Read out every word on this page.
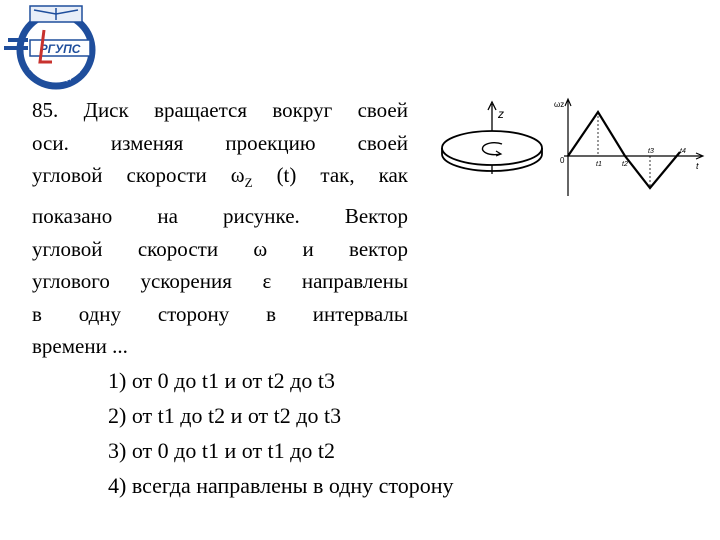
РГУПС
РОСТОВ-НА-ДОНУ
85. Диск вращается вокруг своей
оси. изменяя проекцию своей
угловой скорости $\omega_Z$ (t) так, как
показано на рисунке. Вектор
угловой скорости ω и вектор
углового ускорения ε направлены
в одну сторону в интервалы
времени ...
z
ωz
t
0	t1	t2
t3	t4
1) от 0 до t1 и от t2 до t3
2) от t1 до t2 и от t2 до t3
3) от 0 до t1 и от t1 до t2
4) всегда направлены в одну сторону
